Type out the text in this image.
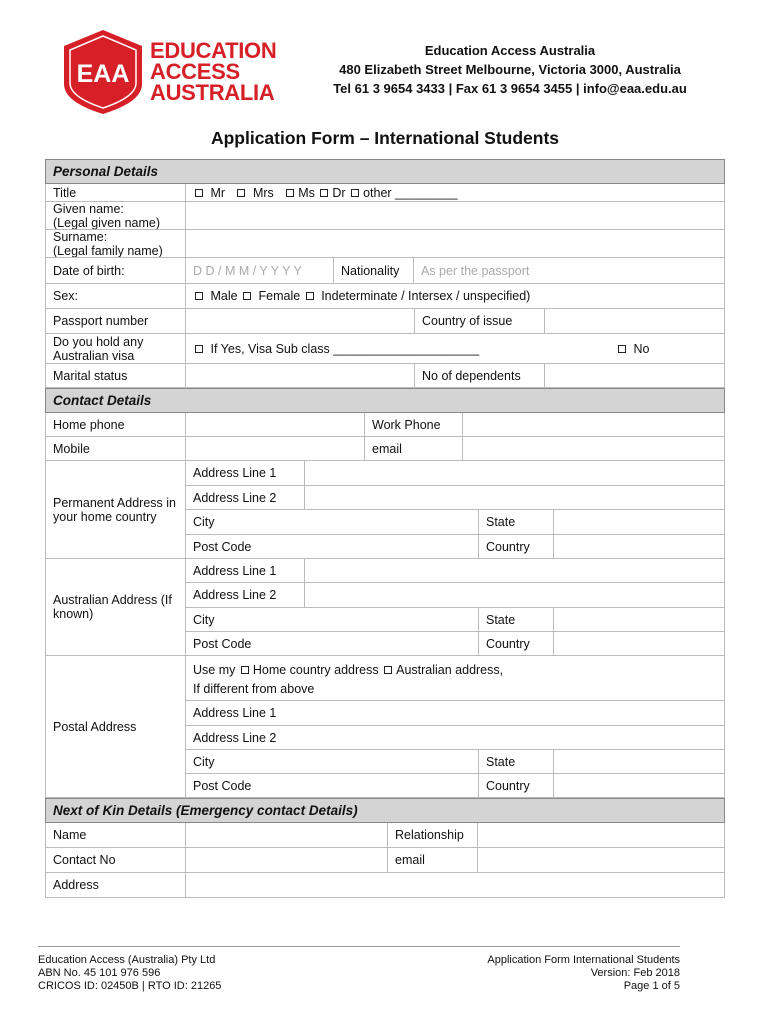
EAA
EDUCATION
ACCESS
AUSTRALIA
Education Access Australia
480 Elizabeth Street Melbourne, Victoria 3000, Australia
Tel 61 3 9654 3433 | Fax 61 3 9654 3455 | info@eaa.edu.au
Application Form – International Students
Personal Details
Title	Mr Mrs Ms Dr other _________
Given name:
(Legal given name)
Surname:
(Legal family name)
Date of birth:	D D / M M / Y Y Y Y	Nationality	As per the passport
Sex:
	Male

Female

Indeterminate / Intersex / unspecified)
Passport number	Country of issue
Do you hold any Australian visa

If Yes, Visa Sub class _____________________	No
Marital status	No of dependents
Contact Details
Home phone	Work Phone
Mobile	email
Permanent Address in your home country
Address Line 1
Address Line 2
City	State
Post Code	Country
Australian Address (If known)
Address Line 1
Address Line 2
City	State
Post Code	Country
Postal Address
Use my Home country address Australian address,
If different from above
Address Line 1
Address Line 2
City	State
Post Code	Country
Next of Kin Details (Emergency contact Details)
Name	Relationship
Contact No	email
Address
Education Access (Australia) Pty Ltd
ABN No. 45 101 976 596
CRICOS ID: 02450B | RTO ID: 21265
Application Form International Students
Version: Feb 2018
Page 1 of 5
